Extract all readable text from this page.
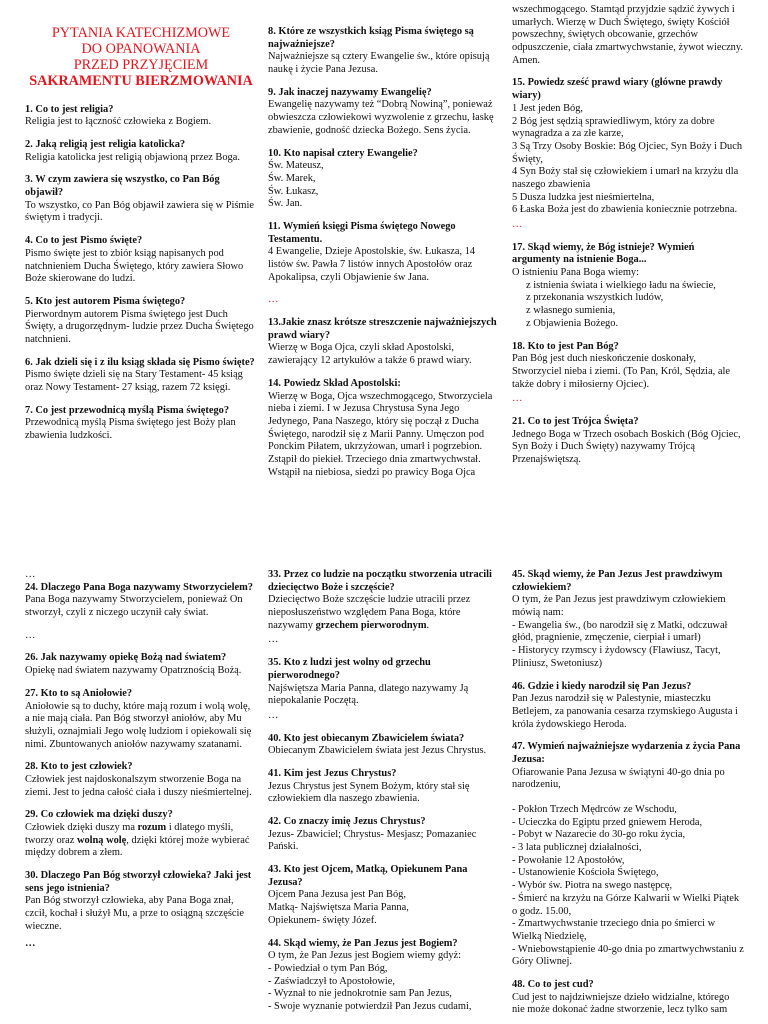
PYTANIA KATECHIZMOWE
DO OPANOWANIA
PRZED PRZYJĘCIEM
SAKRAMENTU BIERZMOWANIA
1. Co to jest religia?
Religia jest to łączność człowieka z Bogiem.
2. Jaką religią jest religia katolicka?
Religia katolicka jest religią objawioną przez Boga.
3. W czym zawiera się wszystko, co Pan Bóg objawił?
To wszystko, co Pan Bóg objawił zawiera się w Piśmie świętym i tradycji.
4. Co to jest Pismo święte?
Pismo święte jest to zbiór ksiąg napisanych pod natchnieniem Ducha Świętego, który zawiera Słowo Boże skierowane do ludzi.
5. Kto jest autorem Pisma świętego?
Pierwordnym autorem Pisma świętego jest Duch Święty, a drugorzędnym- ludzie przez Ducha Świętego natchnieni.
6. Jak dzieli się i z ilu ksiąg składa się Pismo święte?
Pismo święte dzieli się na Stary Testament- 45 ksiąg oraz Nowy Testament- 27 ksiąg, razem 72 księgi.
7. Co jest przewodnicą myślą Pisma świętego?
Przewodnicą myślą Pisma świętego jest Boży plan zbawienia ludzkości.
8. Które ze wszystkich ksiąg Pisma świętego są najważniejsze?
Najważniejsze są cztery Ewangelie św., które opisują naukę i życie Pana Jezusa.
9. Jak inaczej nazywamy Ewangelię?
Ewangelię nazywamy też “Dobrą Nowiną”, ponieważ obwieszcza człowiekowi wyzwolenie z grzechu, łaskę zbawienie, godność dziecka Bożego. Sens życia.
10. Kto napisał cztery Ewangelie?
Św. Mateusz,
Św. Marek,
Św. Łukasz,
Św. Jan.
11. Wymień księgi Pisma świętego Nowego Testamentu.
4 Ewangelie, Dzieje Apostolskie, św. Łukasza, 14 listów św. Pawła 7 listów innych Apostołów oraz Apokalipsa, czyli Objawienie św Jana.
…
13.Jakie znasz krótsze streszczenie najważniejszych prawd wiary?
Wierzę w Boga Ojca, czyli skład Apostolski, zawierający 12 artykułów a także 6 prawd wiary.
14. Powiedz Skład Apostolski:
Wierzę w Boga, Ojca wszechmogącego, Stworzyciela nieba i ziemi. I w Jezusa Chrystusa Syna Jego Jedynego, Pana Naszego, który się począł z Ducha Świętego, narodził się z Marii Panny. Umęczon pod Ponckim Piłatem, ukrzyżowan, umarł i pogrzebion. Zstąpił do piekieł. Trzeciego dnia zmartwychwstał. Wstąpił na niebiosa, siedzi po prawicy Boga Ojca
wszechmogącego. Stamtąd przyjdzie sądzić żywych i umarłych. Wierzę w Duch Świętego, święty Kościół powszechny, świętych obcowanie, grzechów odpuszczenie, ciała zmartwychwstanie, żywot wieczny. Amen.
15. Powiedz sześć prawd wiary (główne prawdy wiary)
1 Jest jeden Bóg,
2 Bóg jest sędzią sprawiedliwym, który za dobre wynagradza a za złe karze,
3 Są Trzy Osoby Boskie: Bóg Ojciec, Syn Boży i Duch Święty,
4 Syn Boży stał się człowiekiem i umarł na krzyżu dla naszego zbawienia
5 Dusza ludzka jest nieśmiertelna,
6 Łaska Boża jest do zbawienia koniecznie potrzebna.
…
17. Skąd wiemy, że Bóg istnieje? Wymień argumenty na istnienie Boga...
O istnieniu Pana Boga wiemy:
z istnienia świata i wielkiego ładu na świecie,
z przekonania wszystkich ludów,
z własnego sumienia,
z Objawienia Bożego.
18. Kto to jest Pan Bóg?
Pan Bóg jest duch nieskończenie doskonały, Stworzyciel nieba i ziemi. (To Pan, Król, Sędzia, ale także dobry i miłosierny Ojciec).
…
21. Co to jest Trójca Święta?
Jednego Boga w Trzech osobach Boskich (Bóg Ojciec, Syn Boży i Duch Święty) nazywamy Trójcą Przenajświętszą.
…
24. Dlaczego Pana Boga nazywamy Stworzycielem?
Pana Boga nazywamy Stworzycielem, ponieważ On stworzył, czyli z niczego uczynił cały świat.
…
26. Jak nazywamy opiekę Bożą nad światem?
Opiekę nad światem nazywamy Opatrznością Bożą.
27. Kto to są Aniołowie?
Aniołowie są to duchy, które mają rozum i wolą wolę, a nie mają ciała. Pan Bóg stworzył aniołów, aby Mu służyli, oznajmiali Jego wolę ludziom i opiekowali się nimi. Zbuntowanych aniołów nazywamy szatanami.
28. Kto to jest człowiek?
Człowiek jest najdoskonalszym stworzenie Boga na ziemi. Jest to jedna całość ciała i duszy nieśmiertelnej.
29. Co człowiek ma dzięki duszy?
Człowiek dzięki duszy ma rozum i dlatego myśli, tworzy oraz wolną wolę, dzięki której może wybierać między dobrem a złem.
30. Dlaczego Pan Bóg stworzył człowieka? Jaki jest sens jego istnienia?
Pan Bóg stworzył człowieka, aby Pana Boga znał, czcił, kochał i służył Mu, a prze to osiągną szczęście wieczne.
…
33. Przez co ludzie na początku stworzenia utracili dziecięctwo Boże i szczęście?
Dziecięctwo Boże szczęście ludzie utracili przez nieposłuszeństwo względem Pana Boga, które nazywamy grzechem pierworodnym.
…
35. Kto z ludzi jest wolny od grzechu pierworodnego?
Najświętsza Maria Panna, dlatego nazywamy Ją niepokalanie Poczętą.
…
40. Kto jest obiecanym Zbawicielem świata?
Obiecanym Zbawicielem świata jest Jezus Chrystus.
41. Kim jest Jezus Chrystus?
Jezus Chrystus jest Synem Bożym, który stał się człowiekiem dla naszego zbawienia.
42. Co znaczy imię Jezus Chrystus?
Jezus- Zbawiciel; Chrystus- Mesjasz; Pomazaniec Pański.
43. Kto jest Ojcem, Matką, Opiekunem Pana Jezusa?
Ojcem Pana Jezusa jest Pan Bóg,
Matką- Najświętsza Maria Panna,
Opiekunem- święty Józef.
44. Skąd wiemy, że Pan Jezus jest Bogiem?
O tym, że Pan Jezus jest Bogiem wiemy gdyż:
- Powiedział o tym Pan Bóg,
- Zaświadczył to Apostołowie,
- Wyznał to nie jednokrotnie sam Pan Jezus,
- Swoje wyznanie potwierdził Pan Jezus cudami,
45. Skąd wiemy, że Pan Jezus Jest prawdziwym człowiekiem?
O tym, że Pan Jezus jest prawdziwym człowiekiem mówią nam:
- Ewangelia św., (bo narodził się z Matki, odczuwał głód, pragnienie, zmęczenie, cierpiał i umarł)
- Historycy rzymscy i żydowscy (Flawiusz, Tacyt, Pliniusz, Swetoniusz)
46. Gdzie i kiedy narodził się Pan Jezus?
Pan Jezus narodził się w Palestynie, miasteczku Betlejem, za panowania cesarza rzymskiego Augusta i króla żydowskiego Heroda.
47. Wymień najważniejsze wydarzenia z życia Pana Jezusa:
Ofiarowanie Pana Jezusa w świątyni 40-go dnia po narodzeniu,
- Pokłon Trzech Mędrców ze Wschodu,
- Ucieczka do Egiptu przed gniewem Heroda,
- Pobyt w Nazarecie do 30-go roku życia,
- 3 lata publicznej działalności,
- Powołanie 12 Apostołów,
- Ustanowienie Kościoła Świętego,
- Wybór św. Piotra na swego następcę,
- Śmierć na krzyżu na Górze Kalwarii w Wielki Piątek o godz. 15.00,
- Zmartwychwstanie trzeciego dnia po śmierci w Wielką Niedzielę,
- Wniebowstąpienie 40-go dnia po zmartwychwstaniu z Góry Oliwnej.
48. Co to jest cud?
Cud jest to najdziwniejsze dzieło widzialne, którego nie może dokonać żadne stworzenie, lecz tylko sam
